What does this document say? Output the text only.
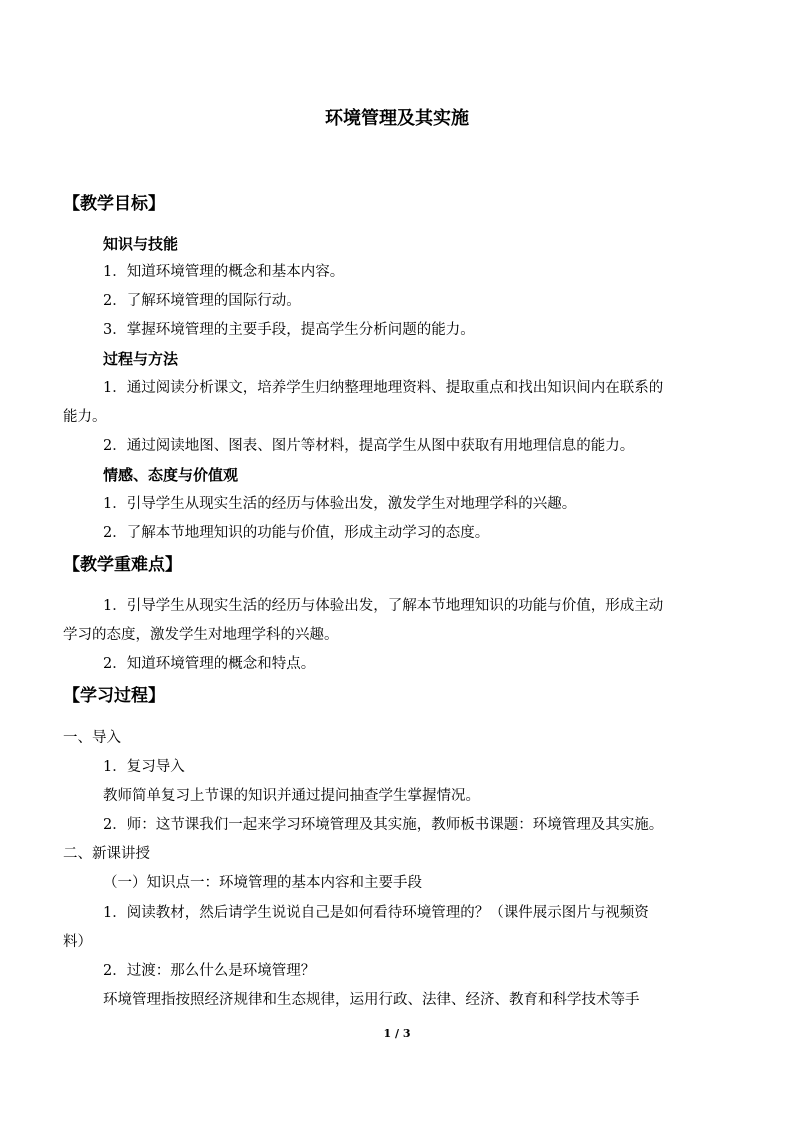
环境管理及其实施
【教学目标】
知识与技能
1．知道环境管理的概念和基本内容。
2．了解环境管理的国际行动。
3．掌握环境管理的主要手段，提高学生分析问题的能力。
过程与方法
1．通过阅读分析课文，培养学生归纳整理地理资料、提取重点和找出知识间内在联系的
能力。
2．通过阅读地图、图表、图片等材料，提高学生从图中获取有用地理信息的能力。
情感、态度与价值观
1．引导学生从现实生活的经历与体验出发，激发学生对地理学科的兴趣。
2．了解本节地理知识的功能与价值，形成主动学习的态度。
【教学重难点】
1．引导学生从现实生活的经历与体验出发，了解本节地理知识的功能与价值，形成主动
学习的态度，激发学生对地理学科的兴趣。
2．知道环境管理的概念和特点。
【学习过程】
一、导入
1．复习导入
教师简单复习上节课的知识并通过提问抽查学生掌握情况。
2．师：这节课我们一起来学习环境管理及其实施，教师板书课题：环境管理及其实施。
二、新课讲授
（一）知识点一：环境管理的基本内容和主要手段
1．阅读教材，然后请学生说说自己是如何看待环境管理的？（课件展示图片与视频资
料）
2．过渡：那么什么是环境管理？
环境管理指按照经济规律和生态规律，运用行政、法律、经济、教育和科学技术等手
1 / 3
